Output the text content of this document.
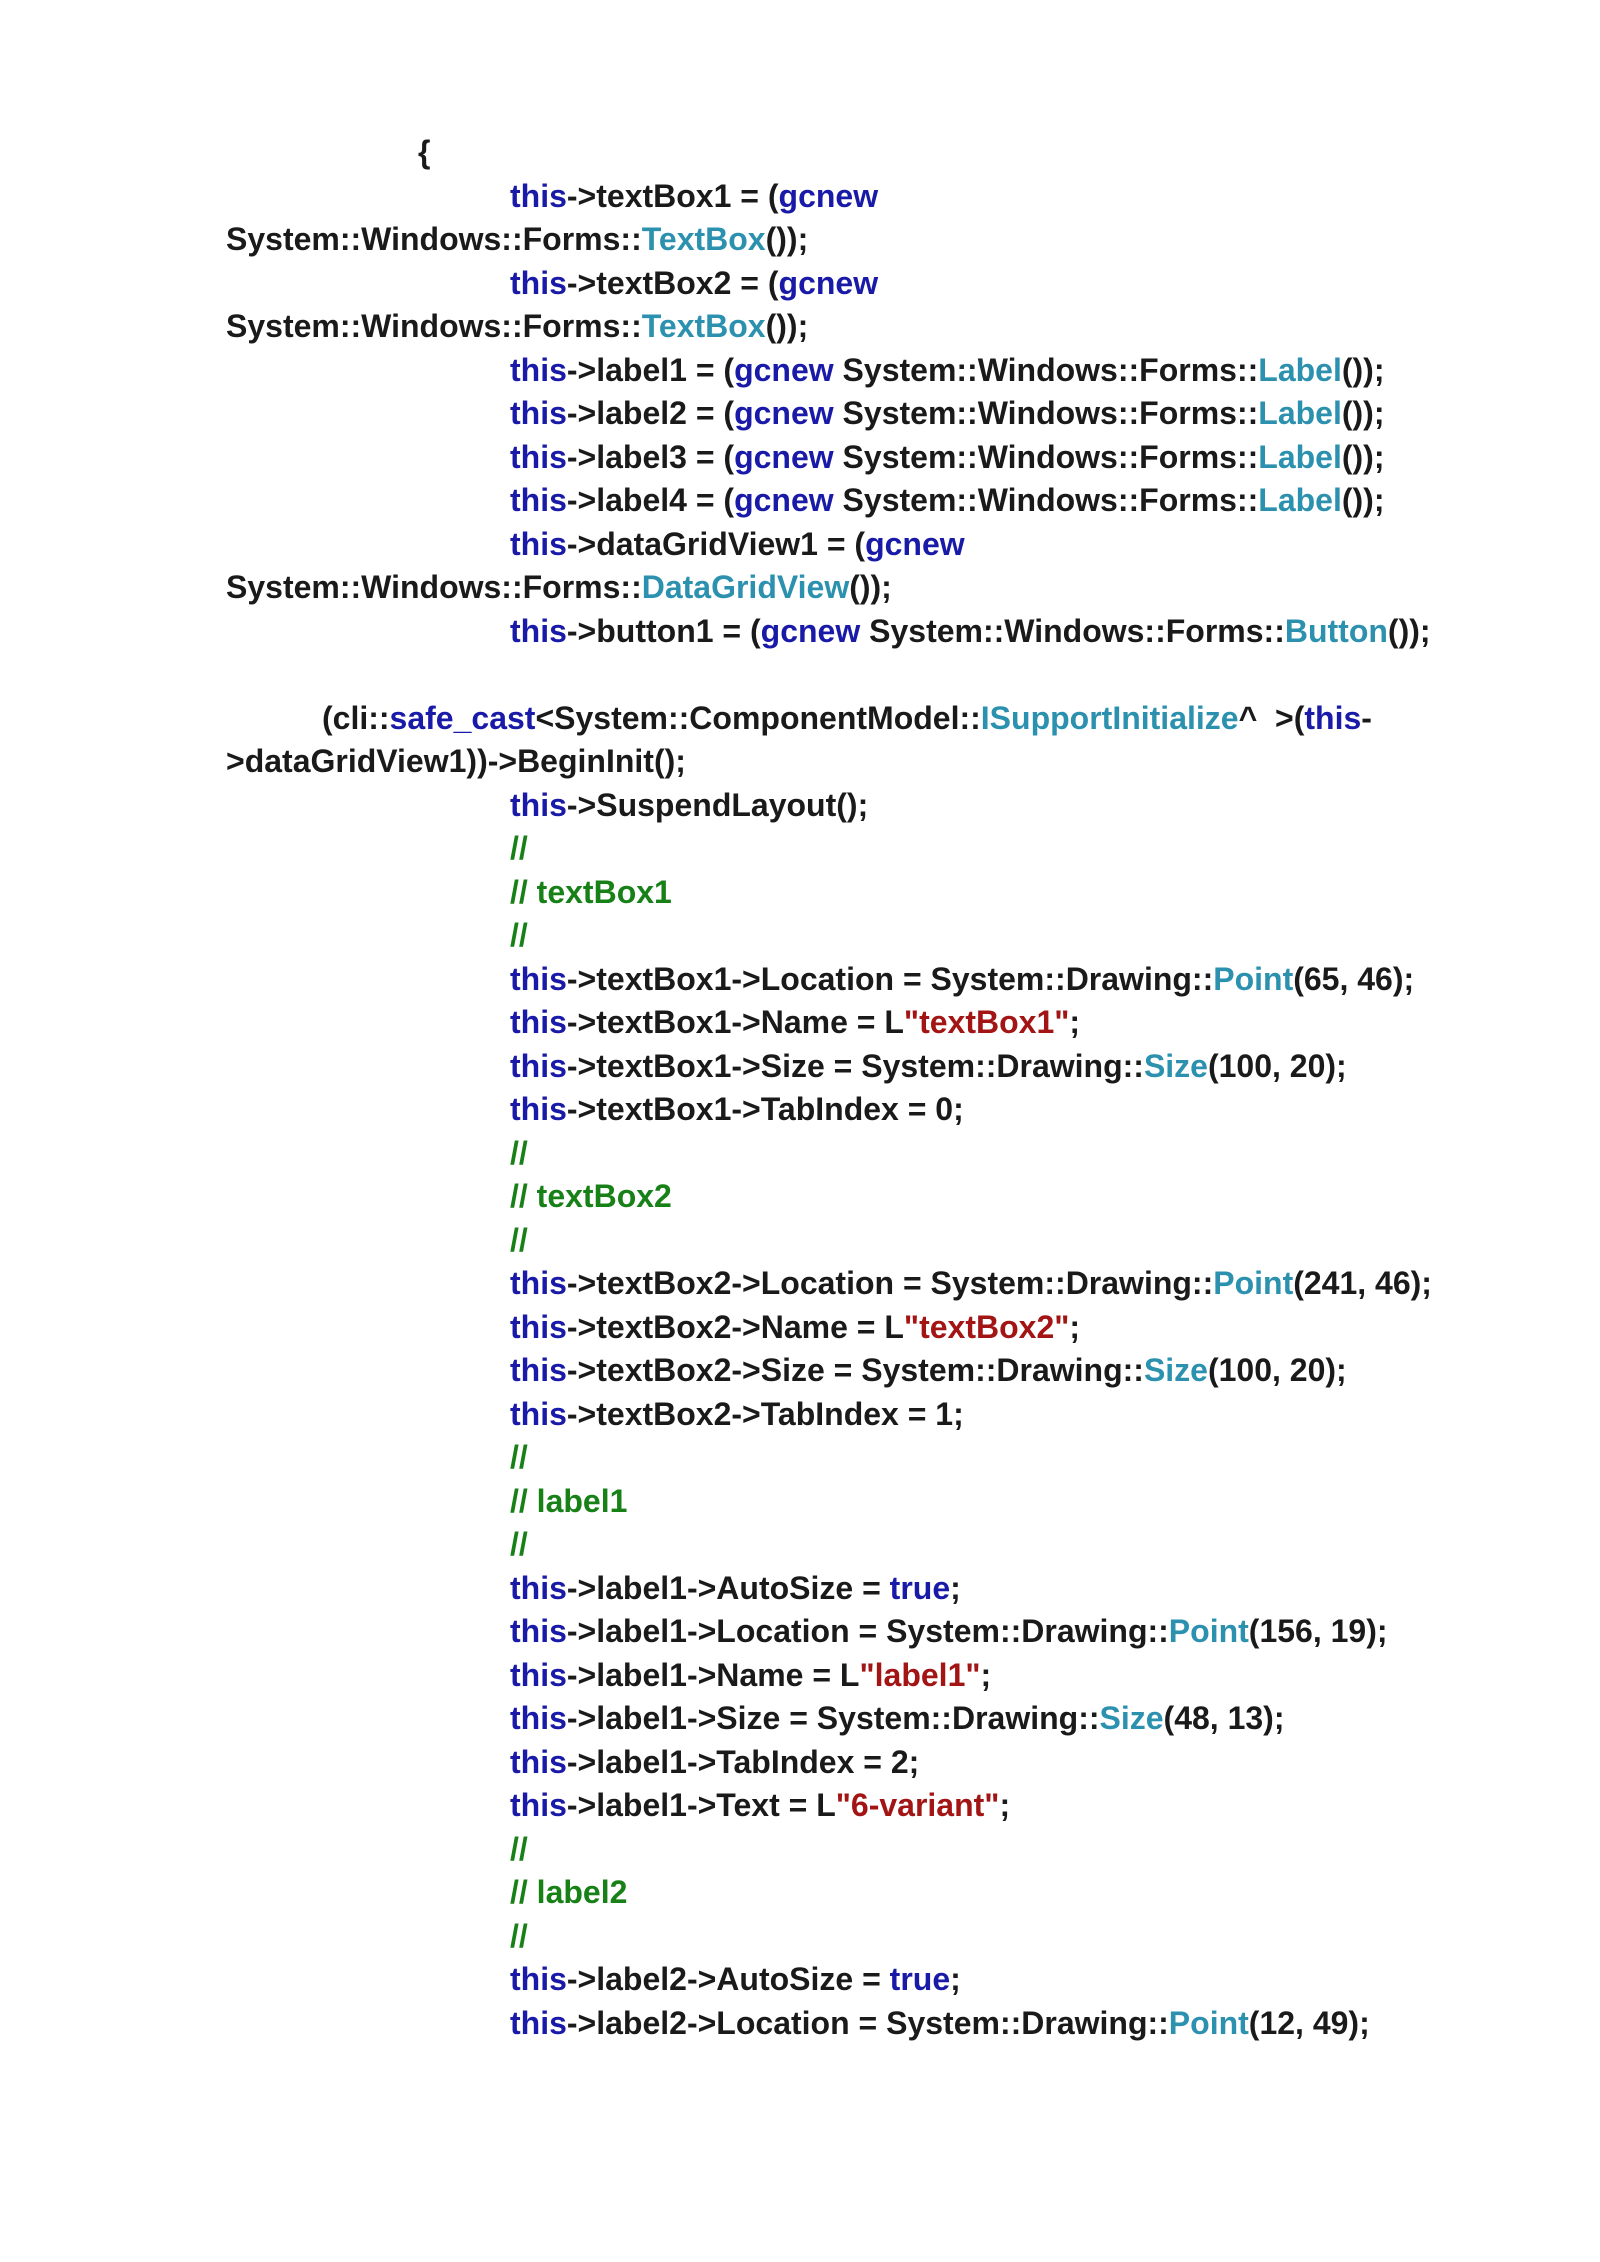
{
this->textBox1 = (gcnew
System::Windows::Forms::TextBox());
this->textBox2 = (gcnew
System::Windows::Forms::TextBox());
this->label1 = (gcnew System::Windows::Forms::Label());
this->label2 = (gcnew System::Windows::Forms::Label());
this->label3 = (gcnew System::Windows::Forms::Label());
this->label4 = (gcnew System::Windows::Forms::Label());
this->dataGridView1 = (gcnew
System::Windows::Forms::DataGridView());
this->button1 = (gcnew System::Windows::Forms::Button());
(cli::safe_cast<System::ComponentModel::ISupportInitialize^  >(this-
>dataGridView1))->BeginInit();
this->SuspendLayout();
//
// textBox1
//
this->textBox1->Location = System::Drawing::Point(65, 46);
this->textBox1->Name = L"textBox1";
this->textBox1->Size = System::Drawing::Size(100, 20);
this->textBox1->TabIndex = 0;
//
// textBox2
//
this->textBox2->Location = System::Drawing::Point(241, 46);
this->textBox2->Name = L"textBox2";
this->textBox2->Size = System::Drawing::Size(100, 20);
this->textBox2->TabIndex = 1;
//
// label1
//
this->label1->AutoSize = true;
this->label1->Location = System::Drawing::Point(156, 19);
this->label1->Name = L"label1";
this->label1->Size = System::Drawing::Size(48, 13);
this->label1->TabIndex = 2;
this->label1->Text = L"6-variant";
//
// label2
//
this->label2->AutoSize = true;
this->label2->Location = System::Drawing::Point(12, 49);
